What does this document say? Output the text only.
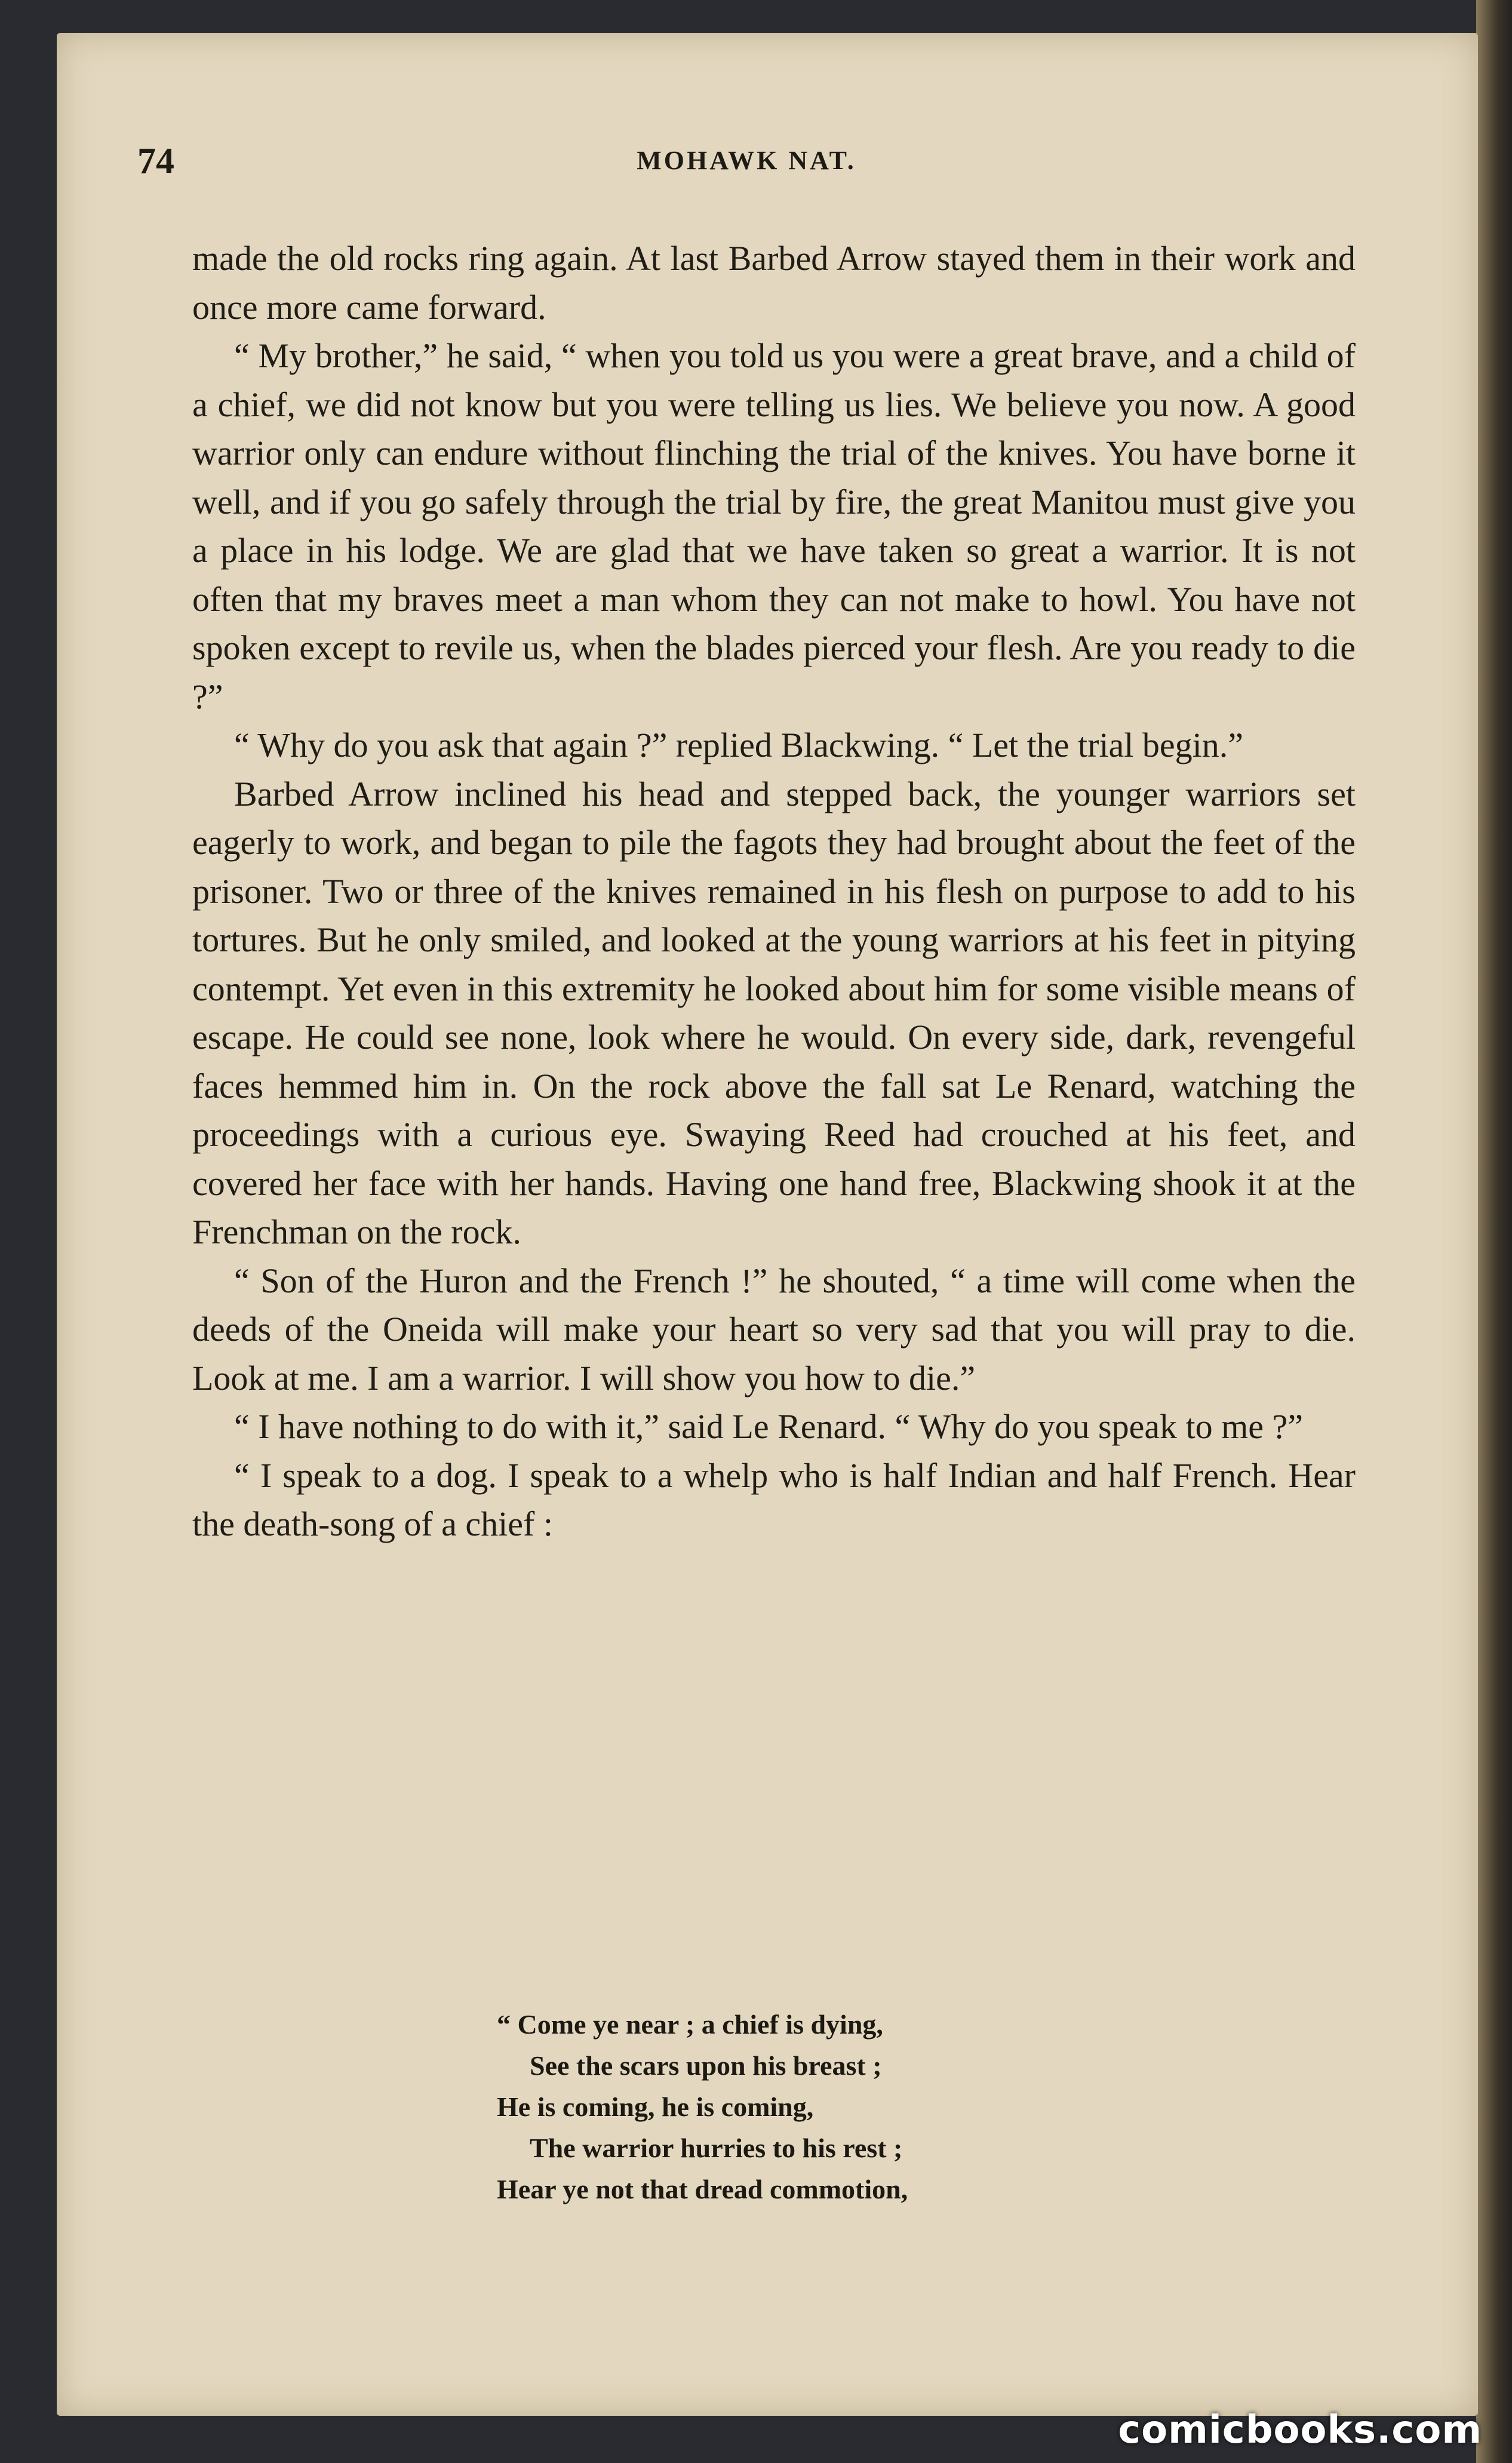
74	MOHAWK NAT.

made the old rocks ring again. At last Barbed Arrow stayed them in their work and once more came forward.

“ My brother,” he said, “ when you told us you were a great brave, and a child of a chief, we did not know but you were telling us lies. We believe you now. A good warrior only can endure without flinching the trial of the knives. You have borne it well, and if you go safely through the trial by fire, the great Manitou must give you a place in his lodge. We are glad that we have taken so great a warrior. It is not often that my braves meet a man whom they can not make to howl. You have not spoken except to revile us, when the blades pierced your flesh. Are you ready to die ?”

“ Why do you ask that again ?” replied Blackwing. “ Let the trial begin.”

Barbed Arrow inclined his head and stepped back, the younger warriors set eagerly to work, and began to pile the fagots they had brought about the feet of the prisoner. Two or three of the knives remained in his flesh on purpose to add to his tortures. But he only smiled, and looked at the young warriors at his feet in pitying contempt. Yet even in this extremity he looked about him for some visible means of escape. He could see none, look where he would. On every side, dark, revengeful faces hemmed him in. On the rock above the fall sat Le Renard, watching the proceedings with a curious eye. Swaying Reed had crouched at his feet, and covered her face with her hands. Having one hand free, Blackwing shook it at the Frenchman on the rock.

“ Son of the Huron and the French !” he shouted, “ a time will come when the deeds of the Oneida will make your heart so very sad that you will pray to die. Look at me. I am a warrior. I will show you how to die.”

“ I have nothing to do with it,” said Le Renard. “ Why do you speak to me ?”

“ I speak to a dog. I speak to a whelp who is half Indian and half French. Hear the death-song of a chief :

“ Come ye near ; a chief is dying,
See the scars upon his breast ;
He is coming, he is coming,
The warrior hurries to his rest ;
Hear ye not that dread commotion,
comicbooks.com
